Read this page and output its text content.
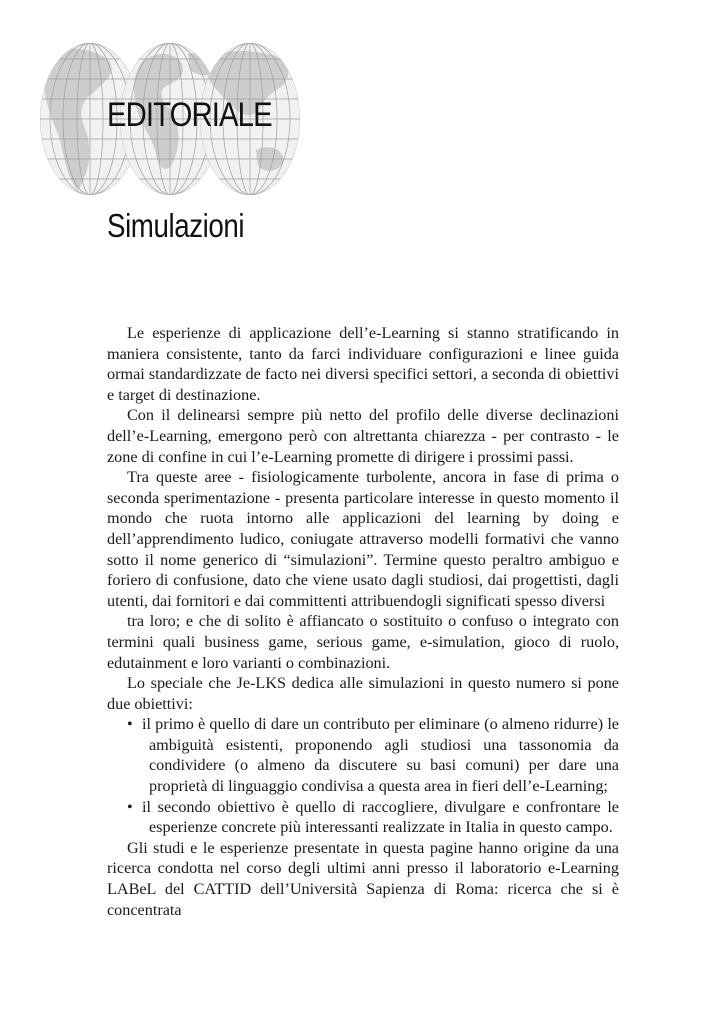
EDITORIALE
Simulazioni

Le esperienze di applicazione dell’e-Learning si stanno stratificando in maniera consistente, tanto da farci individuare configurazioni e linee guida ormai standardizzate de facto nei diversi specifici settori, a seconda di obiettivi e target di destinazione.

Con il delinearsi sempre più netto del profilo delle diverse declinazioni dell’e-Learning, emergono però con altrettanta chiarezza - per contrasto - le zone di confine in cui l’e-Learning promette di dirigere i prossimi passi.

Tra queste aree - fisiologicamente turbolente, ancora in fase di prima o seconda sperimentazione - presenta particolare interesse in questo momento il mondo che ruota intorno alle applicazioni del learning by doing e dell’apprendimento ludico, coniugate attraverso modelli formativi che vanno sotto il nome generico di “simulazioni”. Termine questo peraltro ambiguo e foriero di confusione, dato che viene usato dagli studiosi, dai progettisti, dagli utenti, dai fornitori e dai committenti attribuendogli significati spesso diversi

tra loro; e che di solito è affiancato o sostituito o confuso o integrato con termini quali business game, serious game, e-simulation, gioco di ruolo, edutainment e loro varianti o combinazioni.

Lo speciale che Je-LKS dedica alle simulazioni in questo numero si pone due obiettivi:

• il primo è quello di dare un contributo per eliminare (o almeno ridurre) le ambiguità esistenti, proponendo agli studiosi una tassonomia da condividere (o almeno da discutere su basi comuni) per dare una proprietà di linguaggio condivisa a questa area in fieri dell’e-Learning;
• il secondo obiettivo è quello di raccogliere, divulgare e confrontare le esperienze concrete più interessanti realizzate in Italia in questo campo.

Gli studi e le esperienze presentate in questa pagine hanno origine da una ricerca condotta nel corso degli ultimi anni presso il laboratorio e-Learning LABeL del CATTID dell’Università Sapienza di Roma: ricerca che si è concentrata
